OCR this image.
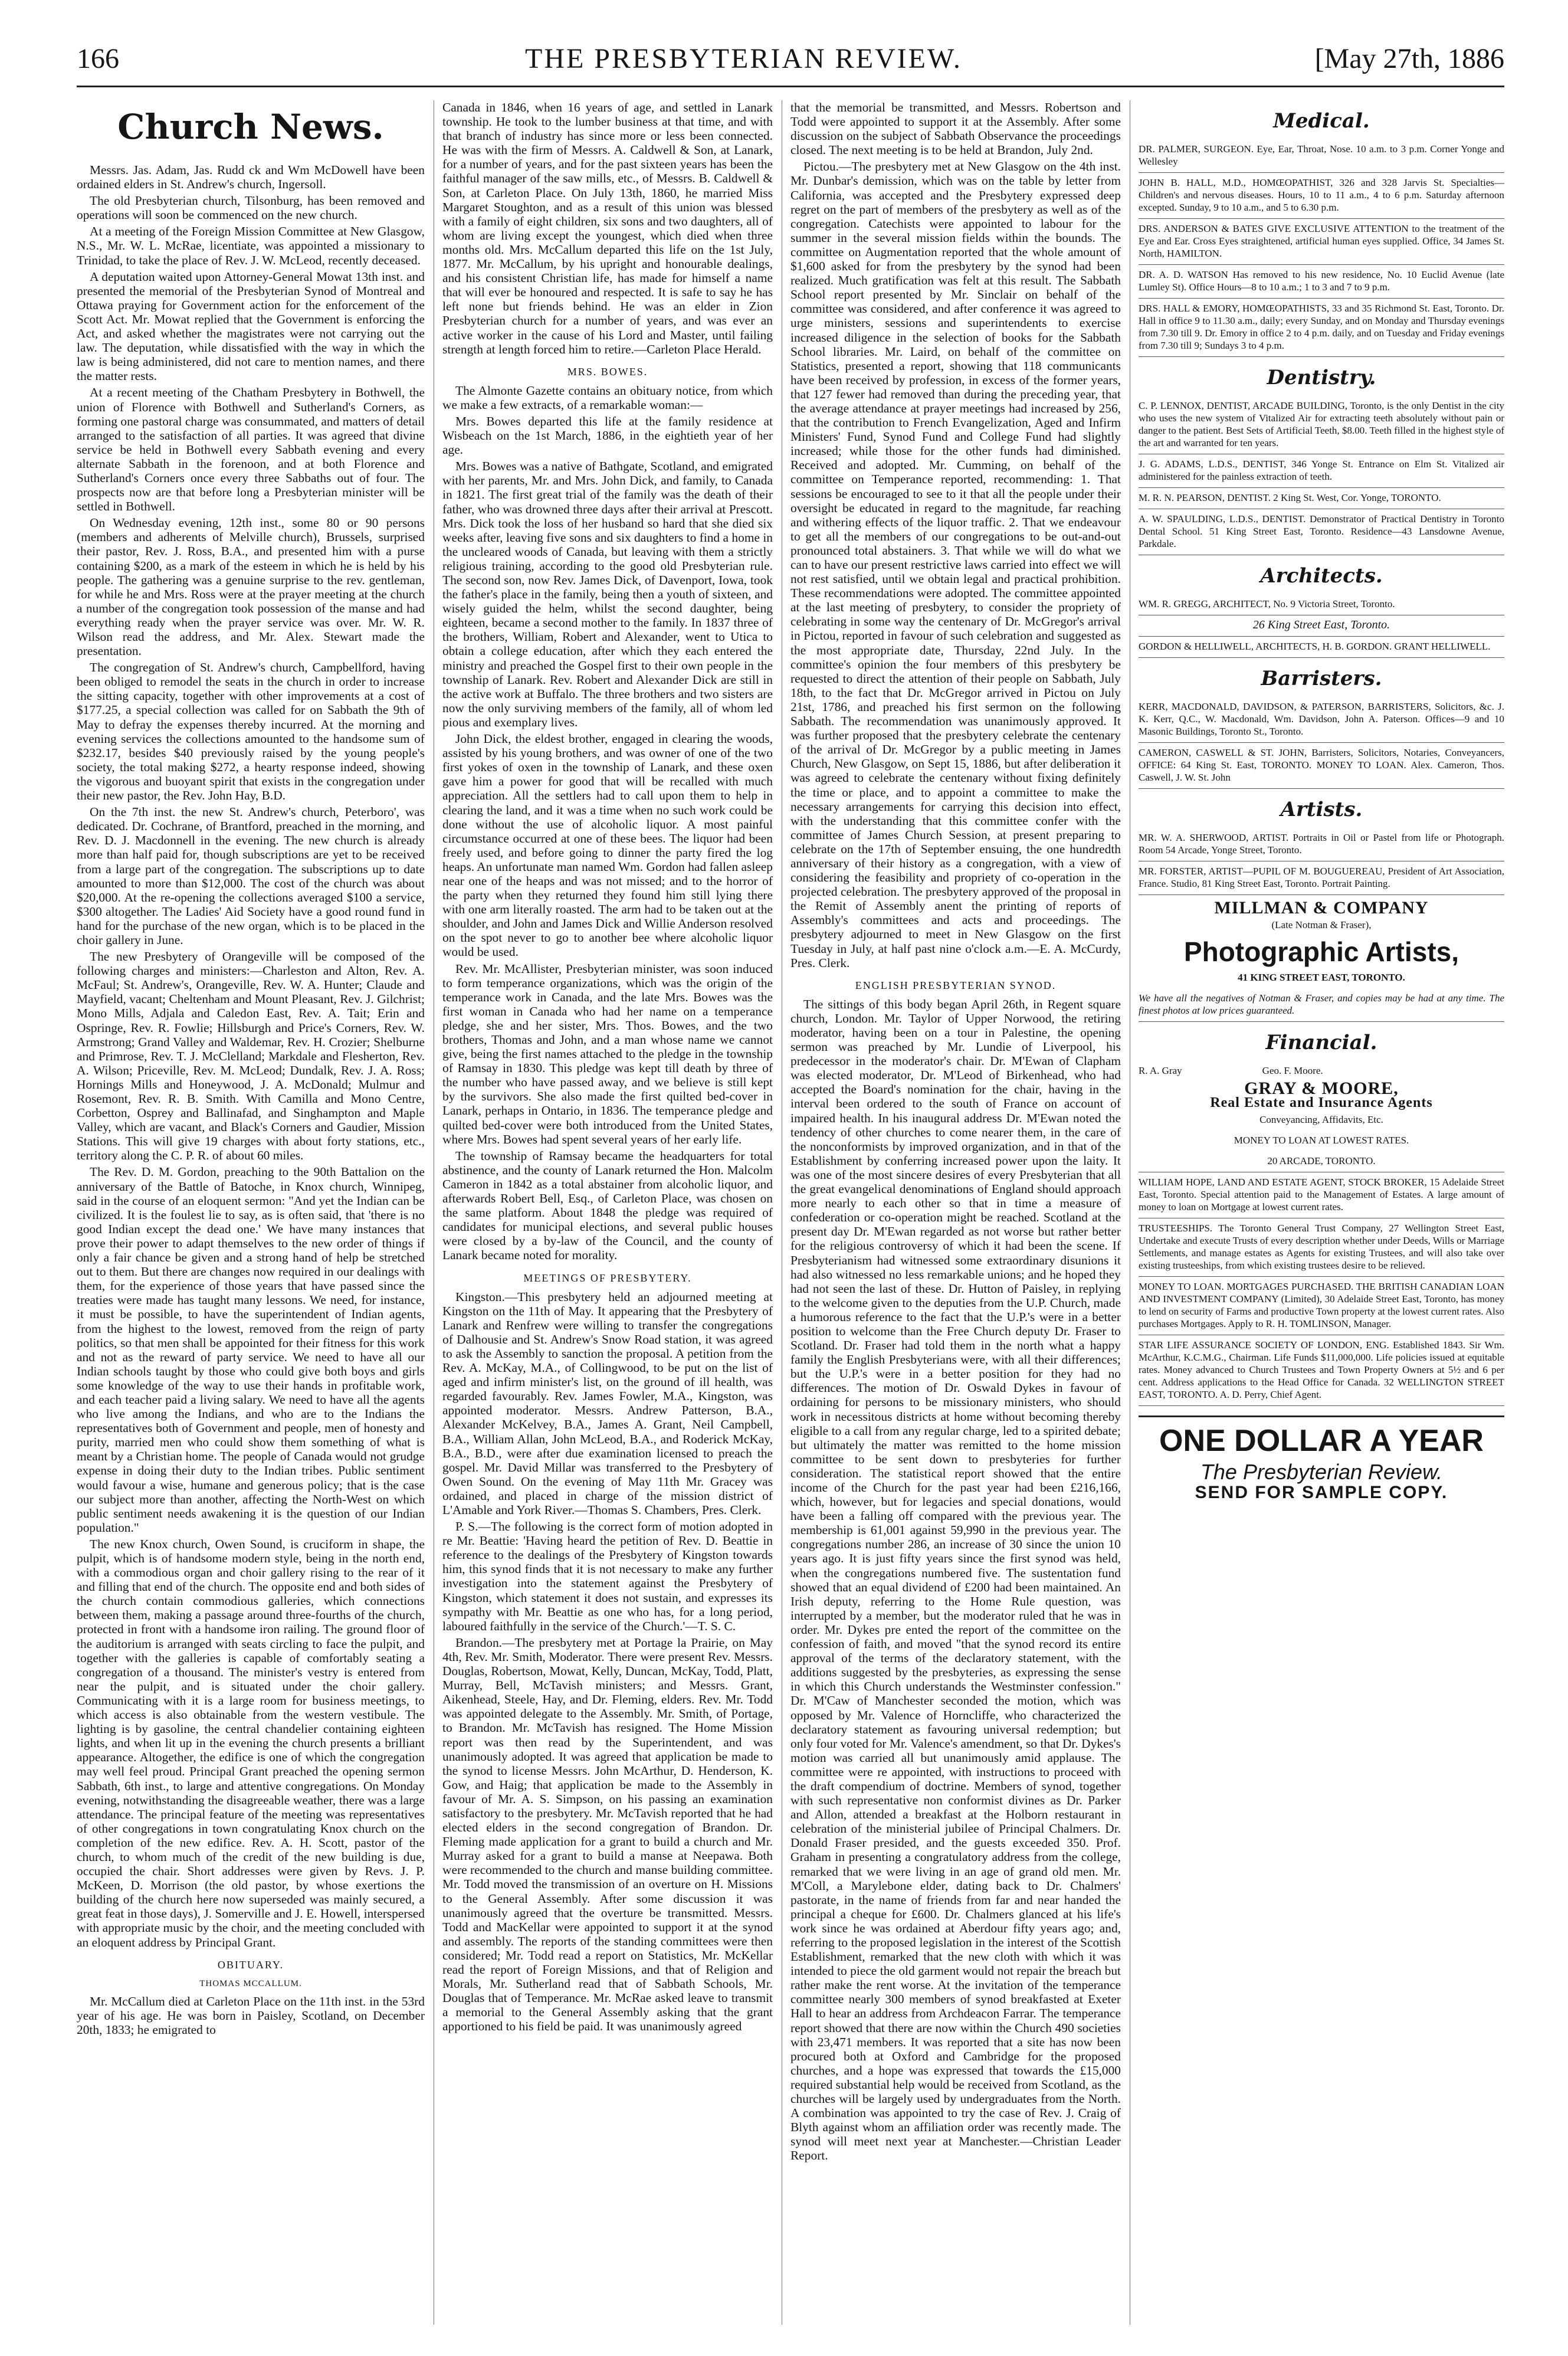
166	THE PRESBYTERIAN REVIEW.	[May 27th, 1886
Church News.

Messrs. Jas. Adam, Jas. Rudd ck and Wm McDowell have been ordained elders in St. Andrew's church, Ingersoll.

The old Presbyterian church, Tilsonburg, has been removed and operations will soon be commenced on the new church.

At a meeting of the Foreign Mission Committee at New Glasgow, N.S., Mr. W. L. McRae, licentiate, was appointed a missionary to Trinidad, to take the place of Rev. J. W. McLeod, recently deceased.

A deputation waited upon Attorney-General Mowat 13th inst. and presented the memorial of the Presbyterian Synod of Montreal and Ottawa praying for Government action for the enforcement of the Scott Act. Mr. Mowat replied that the Government is enforcing the Act, and asked whether the magistrates were not carrying out the law. The deputation, while dissatisfied with the way in which the law is being administered, did not care to mention names, and there the matter rests.

At a recent meeting of the Chatham Presbytery in Bothwell, the union of Florence with Bothwell and Sutherland's Corners, as forming one pastoral charge was consummated, and matters of detail arranged to the satisfaction of all parties. It was agreed that divine service be held in Bothwell every Sabbath evening and every alternate Sabbath in the forenoon, and at both Florence and Sutherland's Corners once every three Sabbaths out of four. The prospects now are that before long a Presbyterian minister will be settled in Bothwell.

On Wednesday evening, 12th inst., some 80 or 90 persons (members and adherents of Melville church), Brussels, surprised their pastor, Rev. J. Ross, B.A., and presented him with a purse containing $200, as a mark of the esteem in which he is held by his people. The gathering was a genuine surprise to the rev. gentleman, for while he and Mrs. Ross were at the prayer meeting at the church a number of the congregation took possession of the manse and had everything ready when the prayer service was over. Mr. W. R. Wilson read the address, and Mr. Alex. Stewart made the presentation.

The congregation of St. Andrew's church, Campbellford, having been obliged to remodel the seats in the church in order to increase the sitting capacity, together with other improvements at a cost of $177.25, a special collection was called for on Sabbath the 9th of May to defray the expenses thereby incurred. At the morning and evening services the collections amounted to the handsome sum of $232.17, besides $40 previously raised by the young people's society, the total making $272, a hearty response indeed, showing the vigorous and buoyant spirit that exists in the congregation under their new pastor, the Rev. John Hay, B.D.

On the 7th inst. the new St. Andrew's church, Peterboro', was dedicated. Dr. Cochrane, of Brantford, preached in the morning, and Rev. D. J. Macdonnell in the evening. The new church is already more than half paid for, though subscriptions are yet to be received from a large part of the congregation. The subscriptions up to date amounted to more than $12,000. The cost of the church was about $20,000. At the re-opening the collections averaged $100 a service, $300 altogether. The Ladies' Aid Society have a good round fund in hand for the purchase of the new organ, which is to be placed in the choir gallery in June.

The new Presbytery of Orangeville will be composed of the following charges and ministers:—Charleston and Alton, Rev. A. McFaul; St. Andrew's, Orangeville, Rev. W. A. Hunter; Claude and Mayfield, vacant; Cheltenham and Mount Pleasant, Rev. J. Gilchrist; Mono Mills, Adjala and Caledon East, Rev. A. Tait; Erin and Ospringe, Rev. R. Fowlie; Hillsburgh and Price's Corners, Rev. W. Armstrong; Grand Valley and Waldemar, Rev. H. Crozier; Shelburne and Primrose, Rev. T. J. McClelland; Markdale and Flesherton, Rev. A. Wilson; Priceville, Rev. M. McLeod; Dundalk, Rev. J. A. Ross; Hornings Mills and Honeywood, J. A. McDonald; Mulmur and Rosemont, Rev. R. B. Smith. With Camilla and Mono Centre, Corbetton, Osprey and Ballinafad, and Singhampton and Maple Valley, which are vacant, and Black's Corners and Gaudier, Mission Stations. This will give 19 charges with about forty stations, etc., territory along the C. P. R. of about 60 miles.

The Rev. D. M. Gordon, preaching to the 90th Battalion on the anniversary of the Battle of Batoche, in Knox church, Winnipeg, said in the course of an eloquent sermon: "And yet the Indian can be civilized. It is the foulest lie to say, as is often said, that 'there is no good Indian except the dead one.' We have many instances that prove their power to adapt themselves to the new order of things if only a fair chance be given and a strong hand of help be stretched out to them. But there are changes now required in our dealings with them, for the experience of those years that have passed since the treaties were made has taught many lessons. We need, for instance, it must be possible, to have the superintendent of Indian agents, from the highest to the lowest, removed from the reign of party politics, so that men shall be appointed for their fitness for this work and not as the reward of party service. We need to have all our Indian schools taught by those who could give both boys and girls some knowledge of the way to use their hands in profitable work, and each teacher paid a living salary. We need to have all the agents who live among the Indians, and who are to the Indians the representatives both of Government and people, men of honesty and purity, married men who could show them something of what is meant by a Christian home. The people of Canada would not grudge expense in doing their duty to the Indian tribes. Public sentiment would favour a wise, humane and generous policy; that is the case our subject more than another, affecting the North-West on which public sentiment needs awakening it is the question of our Indian population."

The new Knox church, Owen Sound, is cruciform in shape, the pulpit, which is of handsome modern style, being in the north end, with a commodious organ and choir gallery rising to the rear of it and filling that end of the church. The opposite end and both sides of the church contain commodious galleries, which connections between them, making a passage around three-fourths of the church, protected in front with a handsome iron railing. The ground floor of the auditorium is arranged with seats circling to face the pulpit, and together with the galleries is capable of comfortably seating a congregation of a thousand. The minister's vestry is entered from near the pulpit, and is situated under the choir gallery. Communicating with it is a large room for business meetings, to which access is also obtainable from the western vestibule. The lighting is by gasoline, the central chandelier containing eighteen lights, and when lit up in the evening the church presents a brilliant appearance. Altogether, the edifice is one of which the congregation may well feel proud. Principal Grant preached the opening sermon Sabbath, 6th inst., to large and attentive congregations. On Monday evening, notwithstanding the disagreeable weather, there was a large attendance. The principal feature of the meeting was representatives of other congregations in town congratulating Knox church on the completion of the new edifice. Rev. A. H. Scott, pastor of the church, to whom much of the credit of the new building is due, occupied the chair. Short addresses were given by Revs. J. P. McKeen, D. Morrison (the old pastor, by whose exertions the building of the church here now superseded was mainly secured, a great feat in those days), J. Somerville and J. E. Howell, interspersed with appropriate music by the choir, and the meeting concluded with an eloquent address by Principal Grant.

OBITUARY.
THOMAS MCCALLUM.

Mr. McCallum died at Carleton Place on the 11th inst. in the 53rd year of his age. He was born in Paisley, Scotland, on December 20th, 1833; he emigrated to

Canada in 1846, when 16 years of age, and settled in Lanark township. He took to the lumber business at that time, and with that branch of industry has since more or less been connected. He was with the firm of Messrs. A. Caldwell & Son, at Lanark, for a number of years, and for the past sixteen years has been the faithful manager of the saw mills, etc., of Messrs. B. Caldwell & Son, at Carleton Place. On July 13th, 1860, he married Miss Margaret Stoughton, and as a result of this union was blessed with a family of eight children, six sons and two daughters, all of whom are living except the youngest, which died when three months old. Mrs. McCallum departed this life on the 1st July, 1877. Mr. McCallum, by his upright and honourable dealings, and his consistent Christian life, has made for himself a name that will ever be honoured and respected. It is safe to say he has left none but friends behind. He was an elder in Zion Presbyterian church for a number of years, and was ever an active worker in the cause of his Lord and Master, until failing strength at length forced him to retire.—Carleton Place Herald.

MRS. BOWES.

The Almonte Gazette contains an obituary notice, from which we make a few extracts, of a remarkable woman:—

Mrs. Bowes departed this life at the family residence at Wisbeach on the 1st March, 1886, in the eightieth year of her age.

Mrs. Bowes was a native of Bathgate, Scotland, and emigrated with her parents, Mr. and Mrs. John Dick, and family, to Canada in 1821. The first great trial of the family was the death of their father, who was drowned three days after their arrival at Prescott. Mrs. Dick took the loss of her husband so hard that she died six weeks after, leaving five sons and six daughters to find a home in the uncleared woods of Canada, but leaving with them a strictly religious training, according to the good old Presbyterian rule. The second son, now Rev. James Dick, of Davenport, Iowa, took the father's place in the family, being then a youth of sixteen, and wisely guided the helm, whilst the second daughter, being eighteen, became a second mother to the family. In 1837 three of the brothers, William, Robert and Alexander, went to Utica to obtain a college education, after which they each entered the ministry and preached the Gospel first to their own people in the township of Lanark. Rev. Robert and Alexander Dick are still in the active work at Buffalo. The three brothers and two sisters are now the only surviving members of the family, all of whom led pious and exemplary lives.

John Dick, the eldest brother, engaged in clearing the woods, assisted by his young brothers, and was owner of one of the two first yokes of oxen in the township of Lanark, and these oxen gave him a power for good that will be recalled with much appreciation. All the settlers had to call upon them to help in clearing the land, and it was a time when no such work could be done without the use of alcoholic liquor. A most painful circumstance occurred at one of these bees. The liquor had been freely used, and before going to dinner the party fired the log heaps. An unfortunate man named Wm. Gordon had fallen asleep near one of the heaps and was not missed; and to the horror of the party when they returned they found him still lying there with one arm literally roasted. The arm had to be taken out at the shoulder, and John and James Dick and Willie Anderson resolved on the spot never to go to another bee where alcoholic liquor would be used.

Rev. Mr. McAllister, Presbyterian minister, was soon induced to form temperance organizations, which was the origin of the temperance work in Canada, and the late Mrs. Bowes was the first woman in Canada who had her name on a temperance pledge, she and her sister, Mrs. Thos. Bowes, and the two brothers, Thomas and John, and a man whose name we cannot give, being the first names attached to the pledge in the township of Ramsay in 1830. This pledge was kept till death by three of the number who have passed away, and we believe is still kept by the survivors. She also made the first quilted bed-cover in Lanark, perhaps in Ontario, in 1836. The temperance pledge and quilted bed-cover were both introduced from the United States, where Mrs. Bowes had spent several years of her early life.

The township of Ramsay became the headquarters for total abstinence, and the county of Lanark returned the Hon. Malcolm Cameron in 1842 as a total abstainer from alcoholic liquor, and afterwards Robert Bell, Esq., of Carleton Place, was chosen on the same platform. About 1848 the pledge was required of candidates for municipal elections, and several public houses were closed by a by-law of the Council, and the county of Lanark became noted for morality.

MEETINGS OF PRESBYTERY.

Kingston.—This presbytery held an adjourned meeting at Kingston on the 11th of May. It appearing that the Presbytery of Lanark and Renfrew were willing to transfer the congregations of Dalhousie and St. Andrew's Snow Road station, it was agreed to ask the Assembly to sanction the proposal. A petition from the Rev. A. McKay, M.A., of Collingwood, to be put on the list of aged and infirm minister's list, on the ground of ill health, was regarded favourably. Rev. James Fowler, M.A., Kingston, was appointed moderator. Messrs. Andrew Patterson, B.A., Alexander McKelvey, B.A., James A. Grant, Neil Campbell, B.A., William Allan, John McLeod, B.A., and Roderick McKay, B.A., B.D., were after due examination licensed to preach the gospel. Mr. David Millar was transferred to the Presbytery of Owen Sound. On the evening of May 11th Mr. Gracey was ordained, and placed in charge of the mission district of L'Amable and York River.—Thomas S. Chambers, Pres. Clerk.

P. S.—The following is the correct form of motion adopted in re Mr. Beattie: 'Having heard the petition of Rev. D. Beattie in reference to the dealings of the Presbytery of Kingston towards him, this synod finds that it is not necessary to make any further investigation into the statement against the Presbytery of Kingston, which statement it does not sustain, and expresses its sympathy with Mr. Beattie as one who has, for a long period, laboured faithfully in the service of the Church.'—T. S. C.

Brandon.—The presbytery met at Portage la Prairie, on May 4th, Rev. Mr. Smith, Moderator. There were present Rev. Messrs. Douglas, Robertson, Mowat, Kelly, Duncan, McKay, Todd, Platt, Murray, Bell, McTavish ministers; and Messrs. Grant, Aikenhead, Steele, Hay, and Dr. Fleming, elders. Rev. Mr. Todd was appointed delegate to the Assembly. Mr. Smith, of Portage, to Brandon. Mr. McTavish has resigned. The Home Mission report was then read by the Superintendent, and was unanimously adopted. It was agreed that application be made to the synod to license Messrs. John McArthur, D. Henderson, K. Gow, and Haig; that application be made to the Assembly in favour of Mr. A. S. Simpson, on his passing an examination satisfactory to the presbytery. Mr. McTavish reported that he had elected elders in the second congregation of Brandon. Dr. Fleming made application for a grant to build a church and Mr. Murray asked for a grant to build a manse at Neepawa. Both were recommended to the church and manse building committee. Mr. Todd moved the transmission of an overture on H. Missions to the General Assembly. After some discussion it was unanimously agreed that the overture be transmitted. Messrs. Todd and MacKellar were appointed to support it at the synod and assembly. The reports of the standing committees were then considered; Mr. Todd read a report on Statistics, Mr. McKellar read the report of Foreign Missions, and that of Religion and Morals, Mr. Sutherland read that of Sabbath Schools, Mr. Douglas that of Temperance. Mr. McRae asked leave to transmit a memorial to the General Assembly asking that the grant apportioned to his field be paid. It was unanimously agreed

that the memorial be transmitted, and Messrs. Robertson and Todd were appointed to support it at the Assembly. After some discussion on the subject of Sabbath Observance the proceedings closed. The next meeting is to be held at Brandon, July 2nd.

Pictou.—The presbytery met at New Glasgow on the 4th inst. Mr. Dunbar's demission, which was on the table by letter from California, was accepted and the Presbytery expressed deep regret on the part of members of the presbytery as well as of the congregation. Catechists were appointed to labour for the summer in the several mission fields within the bounds. The committee on Augmentation reported that the whole amount of $1,600 asked for from the presbytery by the synod had been realized. Much gratification was felt at this result. The Sabbath School report presented by Mr. Sinclair on behalf of the committee was considered, and after conference it was agreed to urge ministers, sessions and superintendents to exercise increased diligence in the selection of books for the Sabbath School libraries. Mr. Laird, on behalf of the committee on Statistics, presented a report, showing that 118 communicants have been received by profession, in excess of the former years, that 127 fewer had removed than during the preceding year, that the average attendance at prayer meetings had increased by 256, that the contribution to French Evangelization, Aged and Infirm Ministers' Fund, Synod Fund and College Fund had slightly increased; while those for the other funds had diminished. Received and adopted. Mr. Cumming, on behalf of the committee on Temperance reported, recommending: 1. That sessions be encouraged to see to it that all the people under their oversight be educated in regard to the magnitude, far reaching and withering effects of the liquor traffic. 2. That we endeavour to get all the members of our congregations to be out-and-out pronounced total abstainers. 3. That while we will do what we can to have our present restrictive laws carried into effect we will not rest satisfied, until we obtain legal and practical prohibition. These recommendations were adopted. The committee appointed at the last meeting of presbytery, to consider the propriety of celebrating in some way the centenary of Dr. McGregor's arrival in Pictou, reported in favour of such celebration and suggested as the most appropriate date, Thursday, 22nd July. In the committee's opinion the four members of this presbytery be requested to direct the attention of their people on Sabbath, July 18th, to the fact that Dr. McGregor arrived in Pictou on July 21st, 1786, and preached his first sermon on the following Sabbath. The recommendation was unanimously approved. It was further proposed that the presbytery celebrate the centenary of the arrival of Dr. McGregor by a public meeting in James Church, New Glasgow, on Sept 15, 1886, but after deliberation it was agreed to celebrate the centenary without fixing definitely the time or place, and to appoint a committee to make the necessary arrangements for carrying this decision into effect, with the understanding that this committee confer with the committee of James Church Session, at present preparing to celebrate on the 17th of September ensuing, the one hundredth anniversary of their history as a congregation, with a view of considering the feasibility and propriety of co-operation in the projected celebration. The presbytery approved of the proposal in the Remit of Assembly anent the printing of reports of Assembly's committees and acts and proceedings. The presbytery adjourned to meet in New Glasgow on the first Tuesday in July, at half past nine o'clock a.m.—E. A. McCurdy, Pres. Clerk.

ENGLISH PRESBYTERIAN SYNOD.

The sittings of this body began April 26th, in Regent square church, London. Mr. Taylor of Upper Norwood, the retiring moderator, having been on a tour in Palestine, the opening sermon was preached by Mr. Lundie of Liverpool, his predecessor in the moderator's chair. Dr. M'Ewan of Clapham was elected moderator, Dr. M'Leod of Birkenhead, who had accepted the Board's nomination for the chair, having in the interval been ordered to the south of France on account of impaired health. In his inaugural address Dr. M'Ewan noted the tendency of other churches to come nearer them, in the care of the nonconformists by improved organization, and in that of the Establishment by conferring increased power upon the laity. It was one of the most sincere desires of every Presbyterian that all the great evangelical denominations of England should approach more nearly to each other so that in time a measure of confederation or co-operation might be reached. Scotland at the present day Dr. M'Ewan regarded as not worse but rather better for the religious controversy of which it had been the scene. If Presbyterianism had witnessed some extraordinary disunions it had also witnessed no less remarkable unions; and he hoped they had not seen the last of these. Dr. Hutton of Paisley, in replying to the welcome given to the deputies from the U.P. Church, made a humorous reference to the fact that the U.P.'s were in a better position to welcome than the Free Church deputy Dr. Fraser to Scotland. Dr. Fraser had told them in the north what a happy family the English Presbyterians were, with all their differences; but the U.P.'s were in a better position for they had no differences. The motion of Dr. Oswald Dykes in favour of ordaining for persons to be missionary ministers, who should work in necessitous districts at home without becoming thereby eligible to a call from any regular charge, led to a spirited debate; but ultimately the matter was remitted to the home mission committee to be sent down to presbyteries for further consideration. The statistical report showed that the entire income of the Church for the past year had been £216,166, which, however, but for legacies and special donations, would have been a falling off compared with the previous year. The membership is 61,001 against 59,990 in the previous year. The congregations number 286, an increase of 30 since the union 10 years ago. It is just fifty years since the first synod was held, when the congregations numbered five. The sustentation fund showed that an equal dividend of £200 had been maintained. An Irish deputy, referring to the Home Rule question, was interrupted by a member, but the moderator ruled that he was in order. Mr. Dykes pre ented the report of the committee on the confession of faith, and moved "that the synod record its entire approval of the terms of the declaratory statement, with the additions suggested by the presbyteries, as expressing the sense in which this Church understands the Westminster confession." Dr. M'Caw of Manchester seconded the motion, which was opposed by Mr. Valence of Horncliffe, who characterized the declaratory statement as favouring universal redemption; but only four voted for Mr. Valence's amendment, so that Dr. Dykes's motion was carried all but unanimously amid applause. The committee were re appointed, with instructions to proceed with the draft compendium of doctrine. Members of synod, together with such representative non conformist divines as Dr. Parker and Allon, attended a breakfast at the Holborn restaurant in celebration of the ministerial jubilee of Principal Chalmers. Dr. Donald Fraser presided, and the guests exceeded 350. Prof. Graham in presenting a congratulatory address from the college, remarked that we were living in an age of grand old men. Mr. M'Coll, a Marylebone elder, dating back to Dr. Chalmers' pastorate, in the name of friends from far and near handed the principal a cheque for £600. Dr. Chalmers glanced at his life's work since he was ordained at Aberdour fifty years ago; and, referring to the proposed legislation in the interest of the Scottish Establishment, remarked that the new cloth with which it was intended to piece the old garment would not repair the breach but rather make the rent worse. At the invitation of the temperance committee nearly 300 members of synod breakfasted at Exeter Hall to hear an address from Archdeacon Farrar. The temperance report showed that there are now within the Church 490 societies with 23,471 members. It was reported that a site has now been procured both at Oxford and Cambridge for the proposed churches, and a hope was expressed that towards the £15,000 required substantial help would be received from Scotland, as the churches will be largely used by undergraduates from the North. A combination was appointed to try the case of Rev. J. Craig of Blyth against whom an affiliation order was recently made. The synod will meet next year at Manchester.—Christian Leader Report.

Medical.
DR. PALMER, SURGEON. Eye, Ear, Throat, Nose. 10 a.m. to 3 p.m. Corner Yonge and Wellesley
JOHN B. HALL, M.D., HOMŒOPATHIST, 326 and 328 Jarvis St. Specialties—Children's and nervous diseases. Hours, 10 to 11 a.m., 4 to 6 p.m. Saturday afternoon excepted. Sunday, 9 to 10 a.m., and 5 to 6.30 p.m.
DRS. ANDERSON & BATES GIVE EXCLUSIVE ATTENTION to the treatment of the Eye and Ear. Cross Eyes straightened, artificial human eyes supplied. Office, 34 James St. North, HAMILTON.
DR. A. D. WATSON Has removed to his new residence, No. 10 Euclid Avenue (late Lumley St). Office Hours—8 to 10 a.m.; 1 to 3 and 7 to 9 p.m.
DRS. HALL & EMORY, HOMŒOPATHISTS, 33 and 35 Richmond St. East, Toronto. Dr. Hall in office 9 to 11.30 a.m., daily; every Sunday, and on Monday and Thursday evenings from 7.30 till 9. Dr. Emory in office 2 to 4 p.m. daily, and on Tuesday and Friday evenings from 7.30 till 9; Sundays 3 to 4 p.m.
Dentistry.
C. P. LENNOX, DENTIST, ARCADE BUILDING, Toronto, is the only Dentist in the city who uses the new system of Vitalized Air for extracting teeth absolutely without pain or danger to the patient. Best Sets of Artificial Teeth, $8.00. Teeth filled in the highest style of the art and warranted for ten years.
J. G. ADAMS, L.D.S., DENTIST, 346 Yonge St. Entrance on Elm St. Vitalized air administered for the painless extraction of teeth.
M. R. N. PEARSON, DENTIST. 2 King St. West, Cor. Yonge, TORONTO.
A. W. SPAULDING, L.D.S., DENTIST. Demonstrator of Practical Dentistry in Toronto Dental School. 51 King Street East, Toronto. Residence—43 Lansdowne Avenue, Parkdale.
Architects.
WM. R. GREGG, ARCHITECT, No. 9 Victoria Street, Toronto.
26 King Street East, Toronto.
GORDON & HELLIWELL, ARCHITECTS, H. B. GORDON. GRANT HELLIWELL.
Barristers.
KERR, MACDONALD, DAVIDSON, & PATERSON, BARRISTERS, Solicitors, &c. J. K. Kerr, Q.C., W. Macdonald, Wm. Davidson, John A. Paterson. Offices—9 and 10 Masonic Buildings, Toronto St., Toronto.
CAMERON, CASWELL & ST. JOHN, Barristers, Solicitors, Notaries, Conveyancers, OFFICE: 64 King St. East, TORONTO. MONEY TO LOAN. Alex. Cameron, Thos. Caswell, J. W. St. John
Artists.
MR. W. A. SHERWOOD, ARTIST. Portraits in Oil or Pastel from life or Photograph. Room 54 Arcade, Yonge Street, Toronto.
MR. FORSTER, ARTIST—PUPIL OF M. BOUGUEREAU, President of Art Association, France. Studio, 81 King Street East, Toronto. Portrait Painting.
MILLMAN & COMPANY
(Late Notman & Fraser),
Photographic Artists,
41 KING STREET EAST, TORONTO.
We have all the negatives of Notman & Fraser, and copies may be had at any time. The finest photos at low prices guaranteed.
Financial.
R. A. Gray                                Geo. F. Moore.
GRAY & MOORE,
Real Estate and Insurance Agents
Conveyancing, Affidavits, Etc.
MONEY TO LOAN AT LOWEST RATES.
20 ARCADE, TORONTO.
WILLIAM HOPE, LAND AND ESTATE AGENT, STOCK BROKER, 15 Adelaide Street East, Toronto. Special attention paid to the Management of Estates. A large amount of money to loan on Mortgage at lowest current rates.
TRUSTEESHIPS. The Toronto General Trust Company, 27 Wellington Street East, Undertake and execute Trusts of every description whether under Deeds, Wills or Marriage Settlements, and manage estates as Agents for existing Trustees, and will also take over existing trusteeships, from which existing trustees desire to be relieved.
MONEY TO LOAN. MORTGAGES PURCHASED. THE BRITISH CANADIAN LOAN AND INVESTMENT COMPANY (Limited), 30 Adelaide Street East, Toronto, has money to lend on security of Farms and productive Town property at the lowest current rates. Also purchases Mortgages. Apply to R. H. TOMLINSON, Manager.
STAR LIFE ASSURANCE SOCIETY OF LONDON, ENG. Established 1843. Sir Wm. McArthur, K.C.M.G., Chairman. Life Funds $11,000,000. Life policies issued at equitable rates. Money advanced to Church Trustees and Town Property Owners at 5½ and 6 per cent. Address applications to the Head Office for Canada. 32 WELLINGTON STREET EAST, TORONTO. A. D. Perry, Chief Agent.
ONE DOLLAR A YEAR
The Presbyterian Review.
SEND FOR SAMPLE COPY.
